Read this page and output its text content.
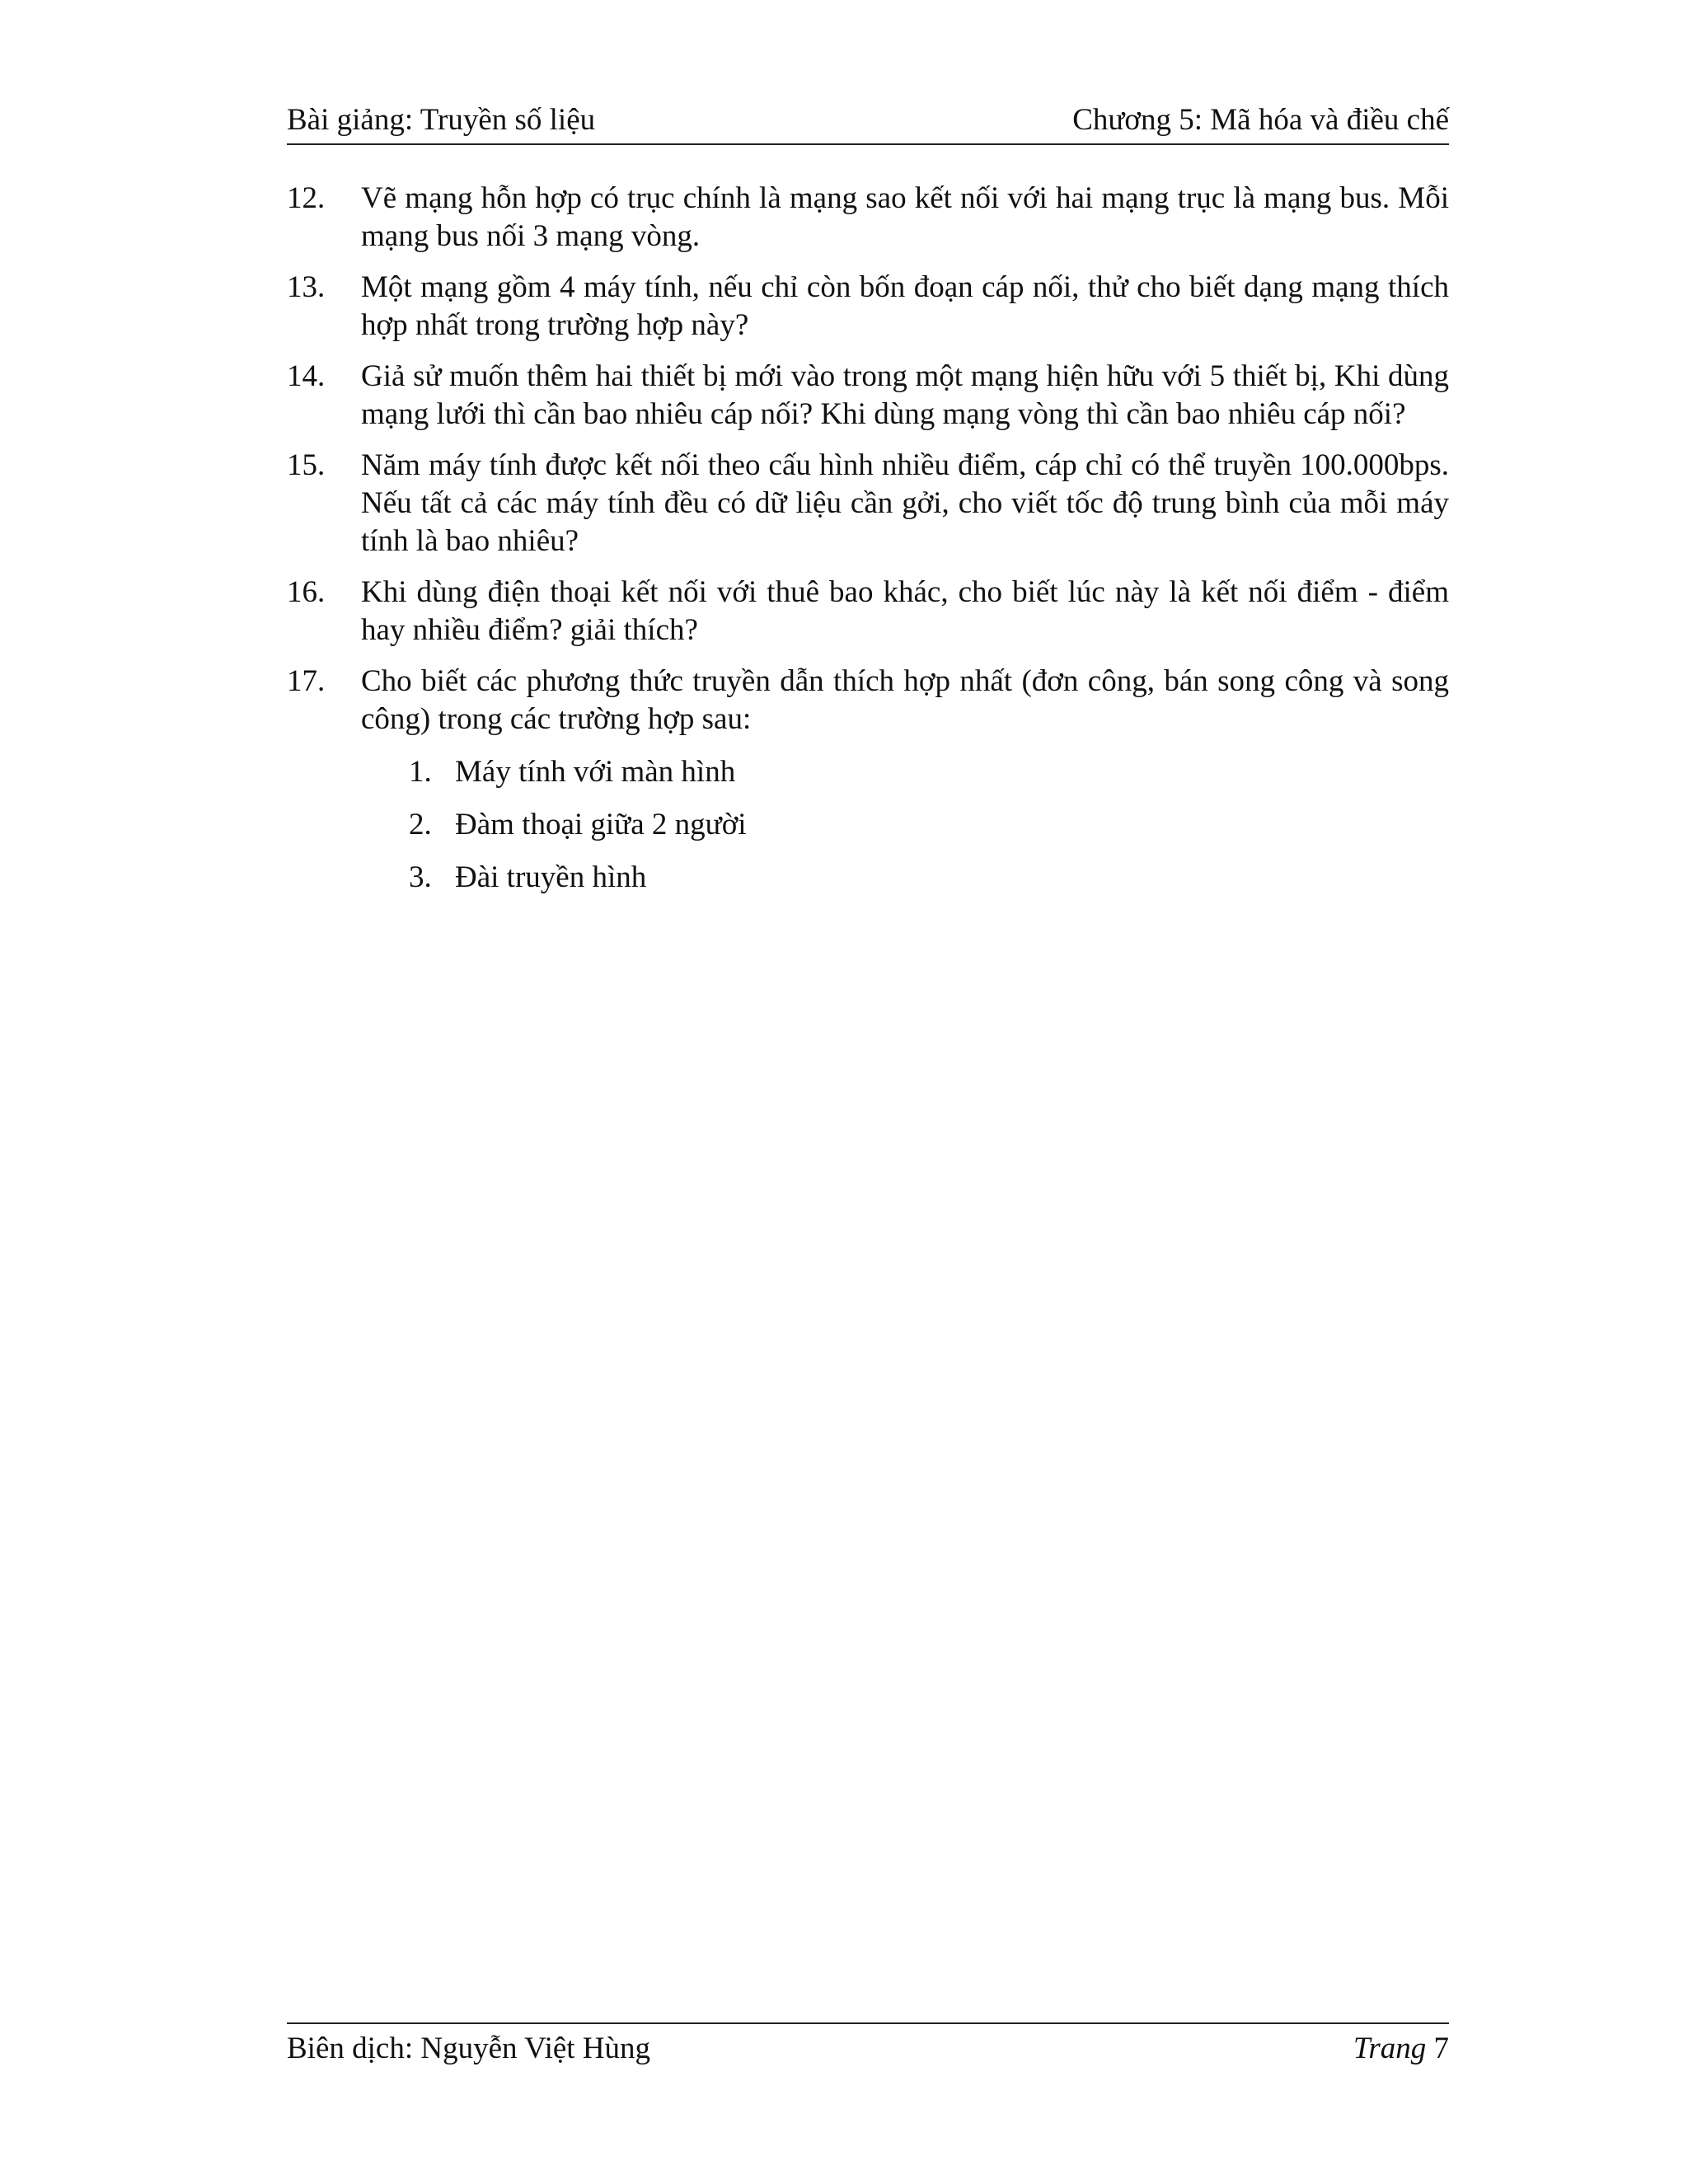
Bài giảng: Truyền số liệu	Chương 5: Mã hóa và điều chế
12.	Vẽ mạng hỗn hợp có trục chính là mạng sao kết nối với hai mạng trục là mạng bus. Mỗi mạng bus nối 3 mạng vòng.
13.	Một mạng gồm 4 máy tính, nếu chỉ còn bốn đoạn cáp nối, thử cho biết dạng mạng thích hợp nhất trong trường hợp này?
14.	Giả sử muốn thêm hai thiết bị mới vào trong một mạng hiện hữu với 5 thiết bị, Khi dùng mạng lưới thì cần bao nhiêu cáp nối? Khi dùng mạng vòng thì cần bao nhiêu cáp nối?
15.	Năm máy tính được kết nối theo cấu hình nhiều điểm, cáp chỉ có thể truyền 100.000bps. Nếu tất cả các máy tính đều có dữ liệu cần gởi, cho viết tốc độ trung bình của mỗi máy tính là bao nhiêu?
16.	Khi dùng điện thoại kết nối với thuê bao khác, cho biết lúc này là kết nối điểm - điểm hay nhiều điểm? giải thích?
17.	Cho biết các phương thức truyền dẫn thích hợp nhất (đơn công, bán song công và song công) trong các trường hợp sau:
1. Máy tính với màn hình
2. Đàm thoại giữa 2 người
3. Đài truyền hình
Biên dịch: Nguyễn Việt Hùng	Trang 7
